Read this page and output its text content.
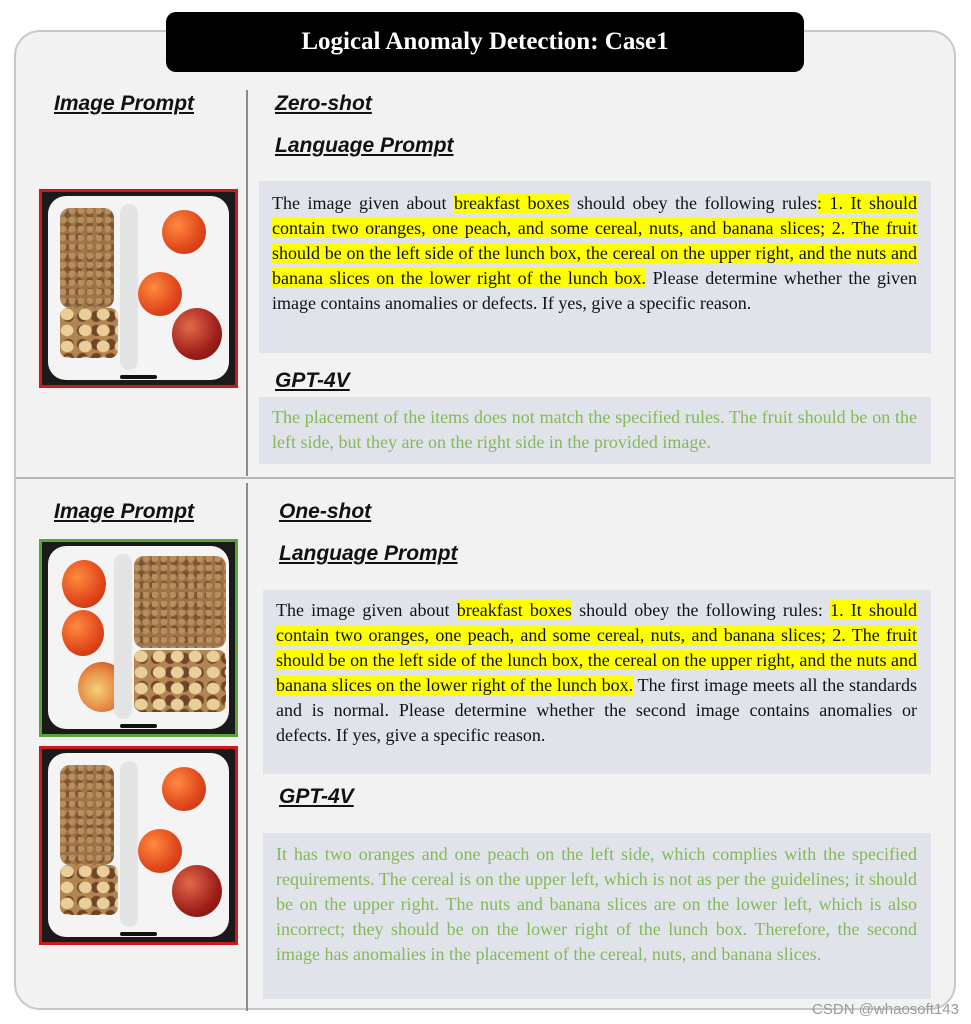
Logical Anomaly Detection: Case1
Image Prompt	Zero-shot
Language Prompt
The image given about breakfast boxes should obey the following rules: 1. It should contain two oranges, one peach, and some cereal, nuts, and banana slices; 2. The fruit should be on the left side of the lunch box, the cereal on the upper right, and the nuts and banana slices on the lower right of the lunch box. Please determine whether the given image contains anomalies or defects. If yes, give a specific reason.
GPT-4V
The placement of the items does not match the specified rules. The fruit should be on the left side, but they are on the right side in the provided image.
Image Prompt	One-shot
Language Prompt
The image given about breakfast boxes should obey the following rules: 1. It should contain two oranges, one peach, and some cereal, nuts, and banana slices; 2. The fruit should be on the left side of the lunch box, the cereal on the upper right, and the nuts and banana slices on the lower right of the lunch box. The first image meets all the standards and is normal. Please determine whether the second image contains anomalies or defects. If yes, give a specific reason.
GPT-4V
It has two oranges and one peach on the left side, which complies with the specified requirements. The cereal is on the upper left, which is not as per the guidelines; it should be on the upper right. The nuts and banana slices are on the lower left, which is also incorrect; they should be on the lower right of the lunch box. Therefore, the second image has anomalies in the placement of the cereal, nuts, and banana slices.
CSDN @whaosoft143
